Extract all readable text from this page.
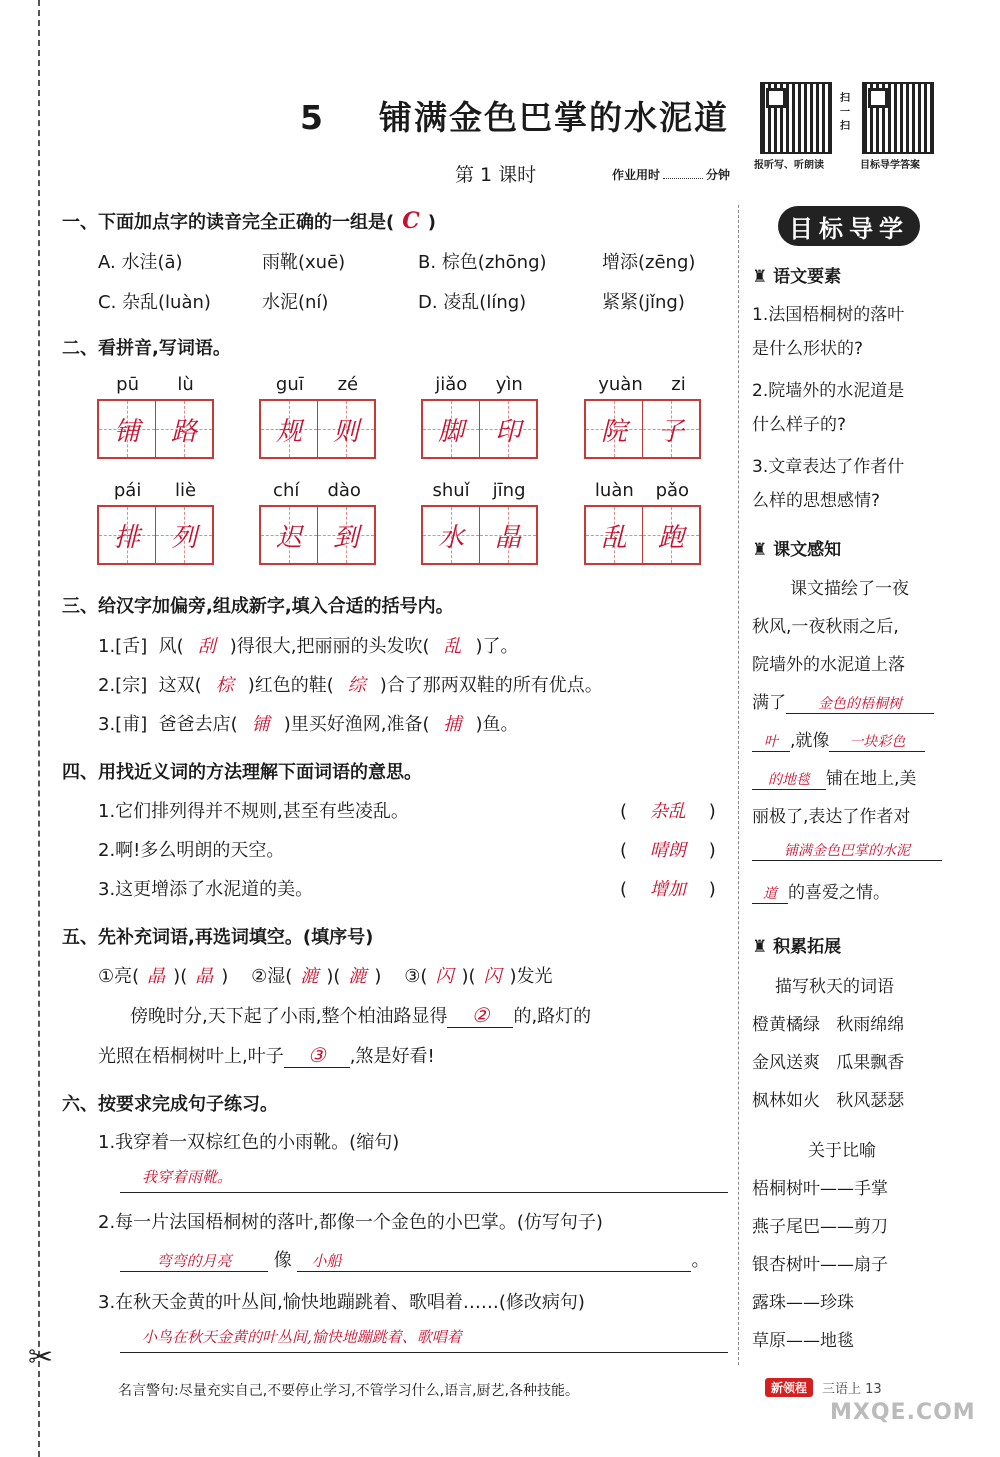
✂
5 铺满金色巴掌的水泥道
第 1 课时	作业用时	分钟
扫一扫
报听写、听朗读	目标导学答案
一、下面加点字的读音完全正确的一组是( C )
A. 水洼(ā)	雨靴(xuē)	B. 棕色(zhōng)	增添(zēng)
C. 杂乱(luàn)	水泥(ní)	D. 凌乱(líng)	紧紧(jǐng)
二、看拼音,写词语。
pū lù
铺 路
guī zé
规 则
jiǎo yìn
脚 印
yuàn zi
院 子
pái liè
排 列
chí dào
迟 到
shuǐ jīng
水 晶
luàn pǎo
乱 跑
三、给汉字加偏旁,组成新字,填入合适的括号内。
1.[舌] 风( 刮 )得很大,把丽丽的头发吹( 乱 )了。
2.[宗] 这双( 棕 )红色的鞋( 综 )合了那两双鞋的所有优点。
3.[甫] 爸爸去店( 铺 )里买好渔网,准备( 捕 )鱼。
四、用找近义词的方法理解下面词语的意思。
1.它们排列得并不规则,甚至有些凌乱。	(    杂乱    )
2.啊!多么明朗的天空。	(    晴朗    )
3.这更增添了水泥道的美。	(    增加    )
五、先补充词语,再选词填空。(填序号)
①亮( 晶 )( 晶 )    ②湿( 漉 )( 漉 )    ③( 闪 )( 闪 )发光
傍晚时分,天下起了小雨,整个柏油路显得 ② 的,路灯的
光照在梧桐树叶上,叶子 ③ ,煞是好看!
六、按要求完成句子练习。
1.我穿着一双棕红色的小雨靴。(缩句)
我穿着雨靴。
2.每一片法国梧桐树的落叶,都像一个金色的小巴掌。(仿写句子)
弯弯的月亮 像 小船	。
3.在秋天金黄的叶丛间,愉快地蹦跳着、歌唱着……(修改病句)
小鸟在秋天金黄的叶丛间,愉快地蹦跳着、歌唱着
目标导学
♜ 语文要素
1.法国梧桐树的落叶
是什么形状的?
2.院墙外的水泥道是
什么样子的?
3.文章表达了作者什
么样的思想感情?
♜ 课文感知
课文描绘了一夜
秋风,一夜秋雨之后,
院墙外的水泥道上落
满了 金色的梧桐树
叶 ,就像 一块彩色
的地毯 铺在地上,美
丽极了,表达了作者对
铺满金色巴掌的水泥
道 的喜爱之情。
♜ 积累拓展
描写秋天的词语
橙黄橘绿 秋雨绵绵
金风送爽 瓜果飘香
枫林如火 秋风瑟瑟
关于比喻
梧桐树叶——手掌
燕子尾巴——剪刀
银杏树叶——扇子
露珠——珍珠
草原——地毯
名言警句:尽量充实自己,不要停止学习,不管学习什么,语言,厨艺,各种技能。	新领程	三语上 13
MXQE.COM
